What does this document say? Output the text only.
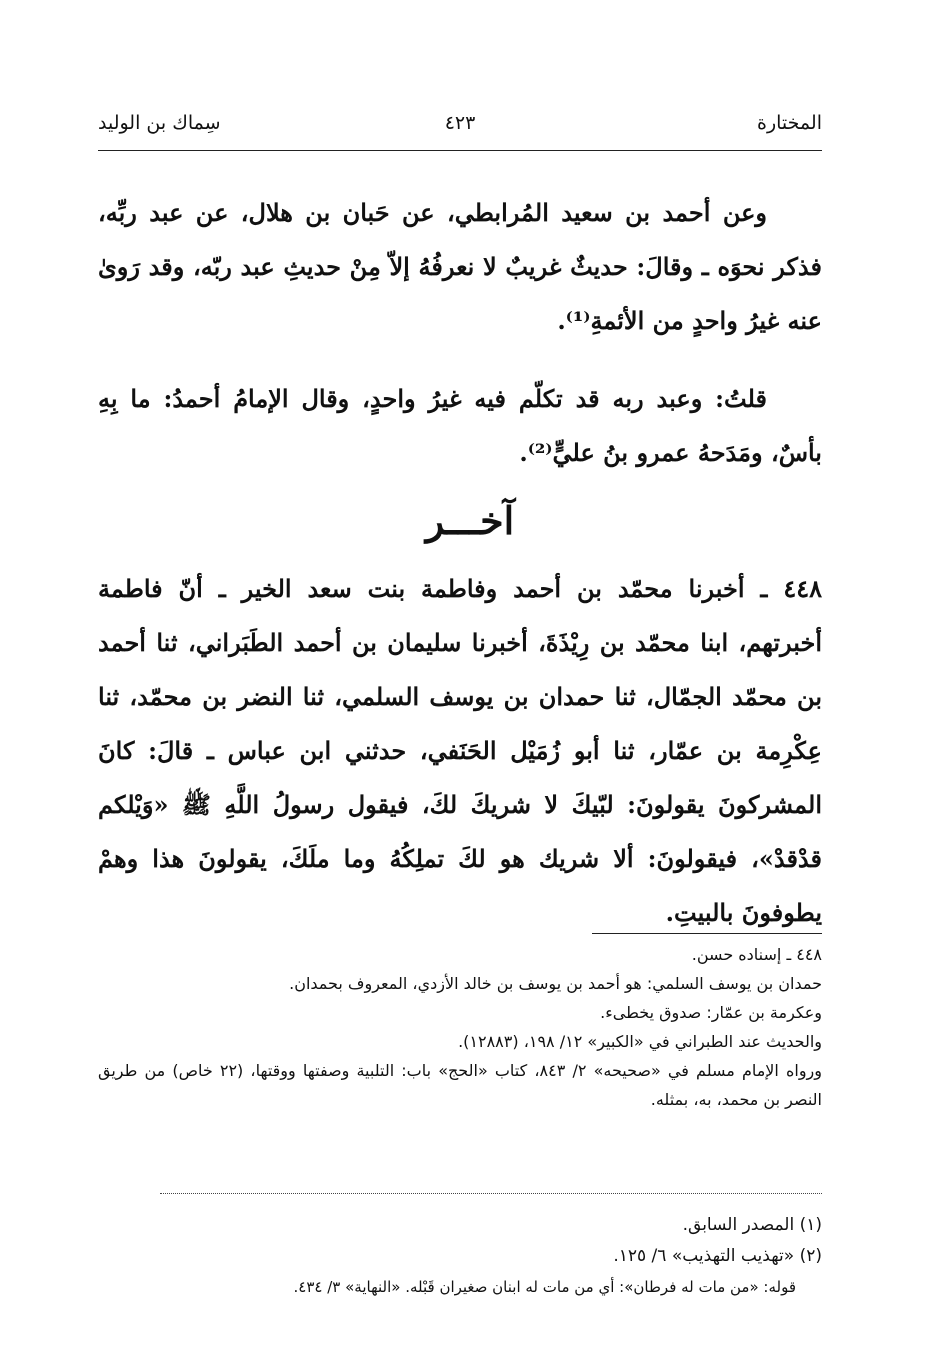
المختارة
٤٢٣
سِماك بن الوليد
وعن أحمد بن سعيد المُرابطي، عن حَبان بن هلال، عن عبد ربِّه، فذكر نحوَه ـ وقالَ: حديثٌ غريبٌ لا نعرفُهُ إلاّ مِنْ حديثِ عبد ربّه، وقد رَوىٰ عنه غيرُ واحدٍ من الأئمةِ⁽¹⁾.
قلتُ: وعبد ربه قد تكلّم فيه غيرُ واحدٍ، وقال الإمامُ أحمدُ: ما بِهِ بأسٌ، ومَدَحهُ عمرو بنُ عليٍّ⁽²⁾.
آخـــر
٤٤٨ ـ أخبرنا محمّد بن أحمد وفاطمة بنت سعد الخير ـ أنّ فاطمة أخبرتهم، ابنا محمّد بن رِيْذَةَ، أخبرنا سليمان بن أحمد الطَبَراني، ثنا أحمد بن محمّد الجمّال، ثنا حمدان بن يوسف السلمي، ثنا النضر بن محمّد، ثنا عِكْرِمة بن عمّار، ثنا أبو زُمَيْل الحَنَفي، حدثني ابن عباس ـ قالَ: كانَ المشركونَ يقولونَ: لبّيكَ لا شريكَ لكَ، فيقول رسولُ اللَّهِ ﷺ «وَيْلكم قدْقدْ»، فيقولونَ: ألا شريك هو لكَ تملِكُهُ وما ملَكَ، يقولونَ هذا وهمْ يطوفونَ بالبيتِ.
٤٤٨ ـ إسناده حسن.
حمدان بن يوسف السلمي: هو أحمد بن يوسف بن خالد الأزدي، المعروف بحمدان.
وعكرمة بن عمّار: صدوق يخطىء.
والحديث عند الطبراني في «الكبير» ١٢/ ١٩٨، (١٢٨٨٣).
ورواه الإمام مسلم في «صحيحه» ٢/ ٨٤٣، كتاب «الحج» باب: التلبية وصفتها ووقتها، (٢٢ خاص) من طريق النصر بن محمد، به، بمثله.
(١) المصدر السابق.
(٢) «تهذيب التهذيب» ٦/ ١٢٥.
قوله: «من مات له فرطان»: أي من مات له ابنان صغيران قَبْله. «النهاية» ٣/ ٤٣٤.
